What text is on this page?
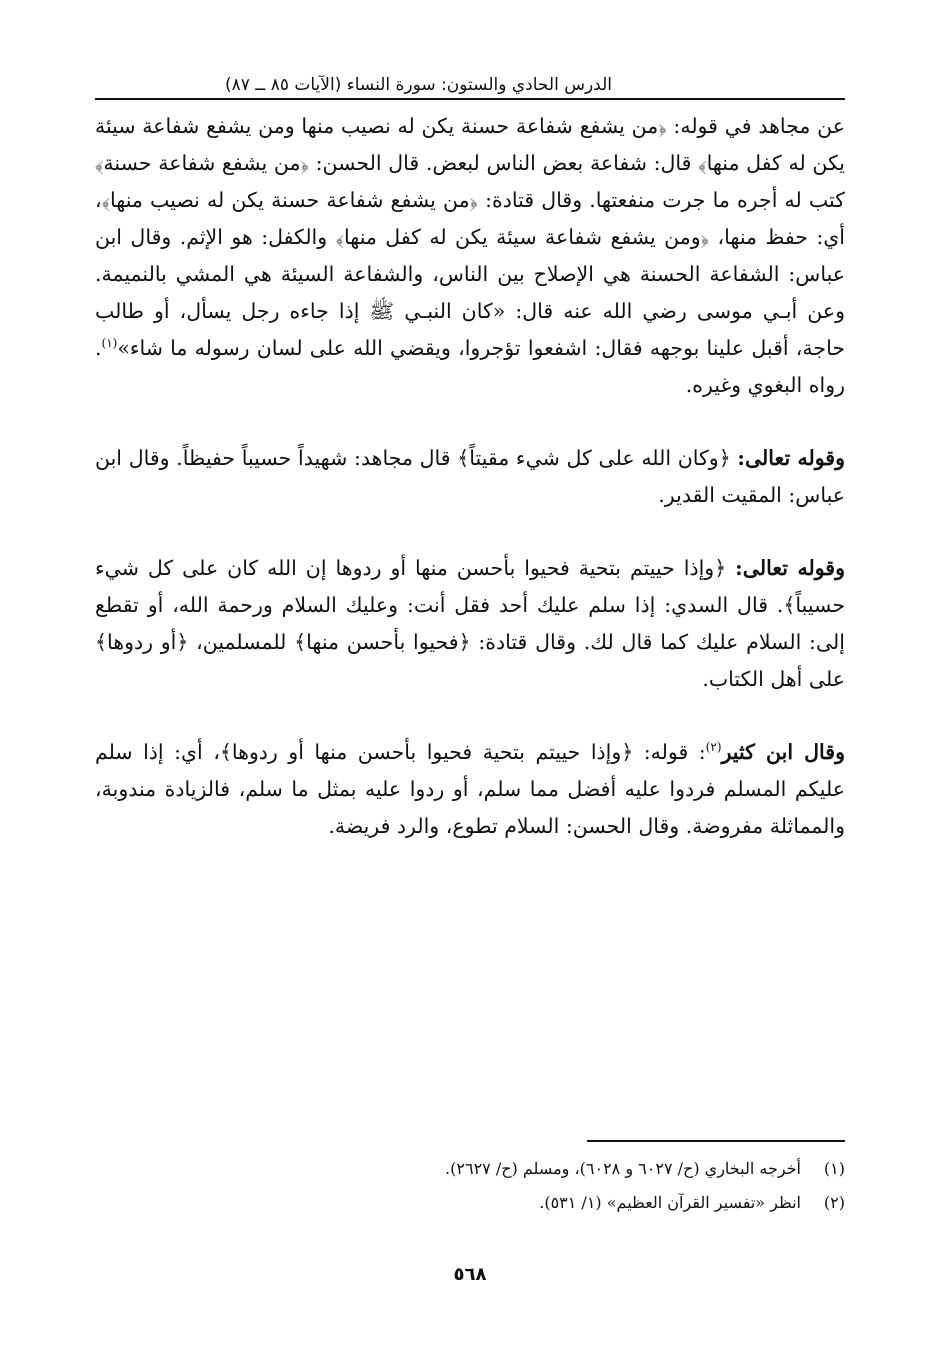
الدرس الحادي والستون: سورة النساء (الآيات ٨٥ ــ ٨٧)

عن مجاهد في قوله: ﴿من يشفع شفاعة حسنة يكن له نصيب منها ومن يشفع شفاعة سيئة يكن له كفل منها﴾ قال: شفاعة بعض الناس لبعض. قال الحسن: ﴿من يشفع شفاعة حسنة﴾ كتب له أجره ما جرت منفعتها. وقال قتادة: ﴿من يشفع شفاعة حسنة يكن له نصيب منها﴾، أي: حفظ منها، ﴿ومن يشفع شفاعة سيئة يكن له كفل منها﴾ والكفل: هو الإثم. وقال ابن عباس: الشفاعة الحسنة هي الإصلاح بين الناس، والشفاعة السيئة هي المشي بالنميمة. وعن أبـي موسى رضي الله عنه قال: «كان النبـي ﷺ إذا جاءه رجل يسأل، أو طالب حاجة، أقبل علينا بوجهه فقال: اشفعوا تؤجروا، ويقضي الله على لسان رسوله ما شاء»$^{(١)}$. رواه البغوي وغيره.

وقوله تعالى: ﴿وكان الله على كل شيء مقيتاً﴾ قال مجاهد: شهيداً حسيباً حفيظاً. وقال ابن عباس: المقيت القدير.

وقوله تعالى: ﴿وإذا حييتم بتحية فحيوا بأحسن منها أو ردوها إن الله كان على كل شيء حسيباً﴾. قال السدي: إذا سلم عليك أحد فقل أنت: وعليك السلام ورحمة الله، أو تقطع إلى: السلام عليك كما قال لك. وقال قتادة: ﴿فحيوا بأحسن منها﴾ للمسلمين، ﴿أو ردوها﴾ على أهل الكتاب.

وقال ابن كثير$^{(٢)}$: قوله: ﴿وإذا حييتم بتحية فحيوا بأحسن منها أو ردوها﴾، أي: إذا سلم عليكم المسلم فردوا عليه أفضل مما سلم، أو ردوا عليه بمثل ما سلم، فالزيادة مندوبة، والمماثلة مفروضة. وقال الحسن: السلام تطوع، والرد فريضة.

(١)أخرجه البخاري (ح/ ٦٠٢٧ و ٦٠٢٨)، ومسلم (ح/ ٢٦٢٧).
(٢)انظر «تفسير القرآن العظيم» (١/ ٥٣١).
٥٦٨
